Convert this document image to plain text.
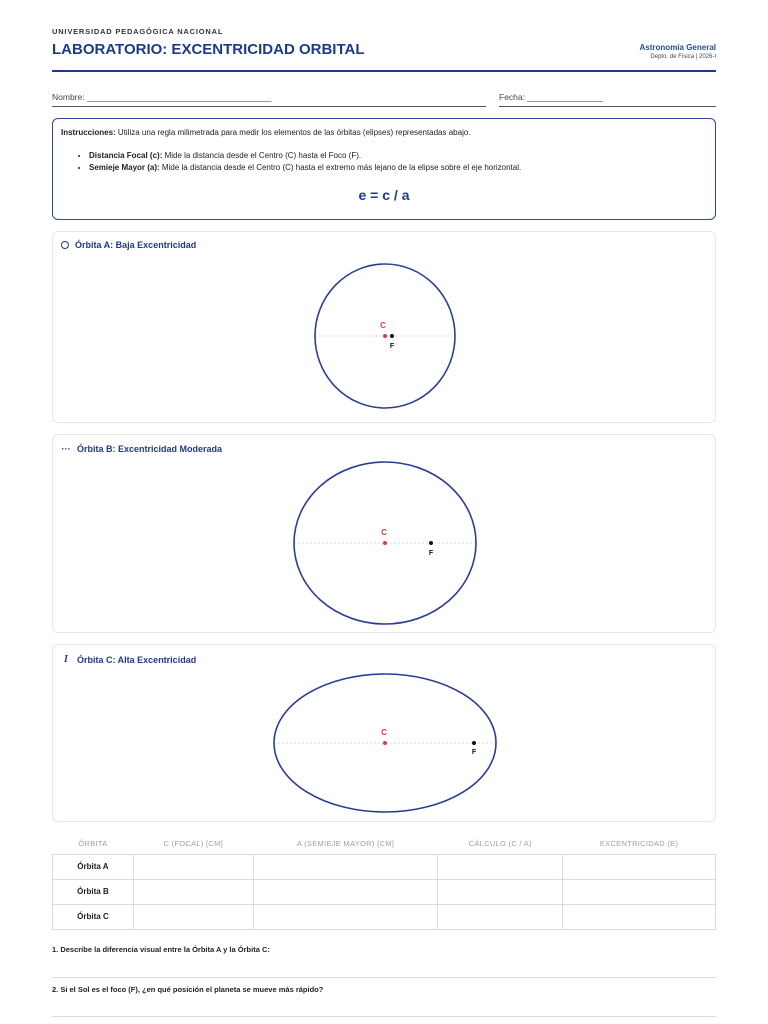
UNIVERSIDAD PEDAGÓGICA NACIONAL
LABORATORIO: EXCENTRICIDAD ORBITAL	Astronomía General
Depto. de Física | 2026-I
Nombre: _______________________________________	Fecha: ________________
Instrucciones: Utiliza una regla milimetrada para medir los elementos de las órbitas (elipses) representadas abajo.
• Distancia Focal (c): Mide la distancia desde el Centro (C) hasta el Foco (F).
• Semieje Mayor (a): Mide la distancia desde el Centro (C) hasta el extremo más lejano de la elipse sobre el eje horizontal.
e = c / a
Órbita A: Baja Excentricidad
C
F
··· Órbita B: Excentricidad Moderada
C
F
I	Órbita C: Alta Excentricidad
C
F
ÓRBITA	C (FOCAL) [CM]	A (SEMIEJE MAYOR) [CM]	CÁLCULO (C / A)	EXCENTRICIDAD (E)
Órbita A				
Órbita B				
Órbita C				
1. Describe la diferencia visual entre la Órbita A y la Órbita C:
2. Si el Sol es el foco (F), ¿en qué posición el planeta se mueve más rápido?
